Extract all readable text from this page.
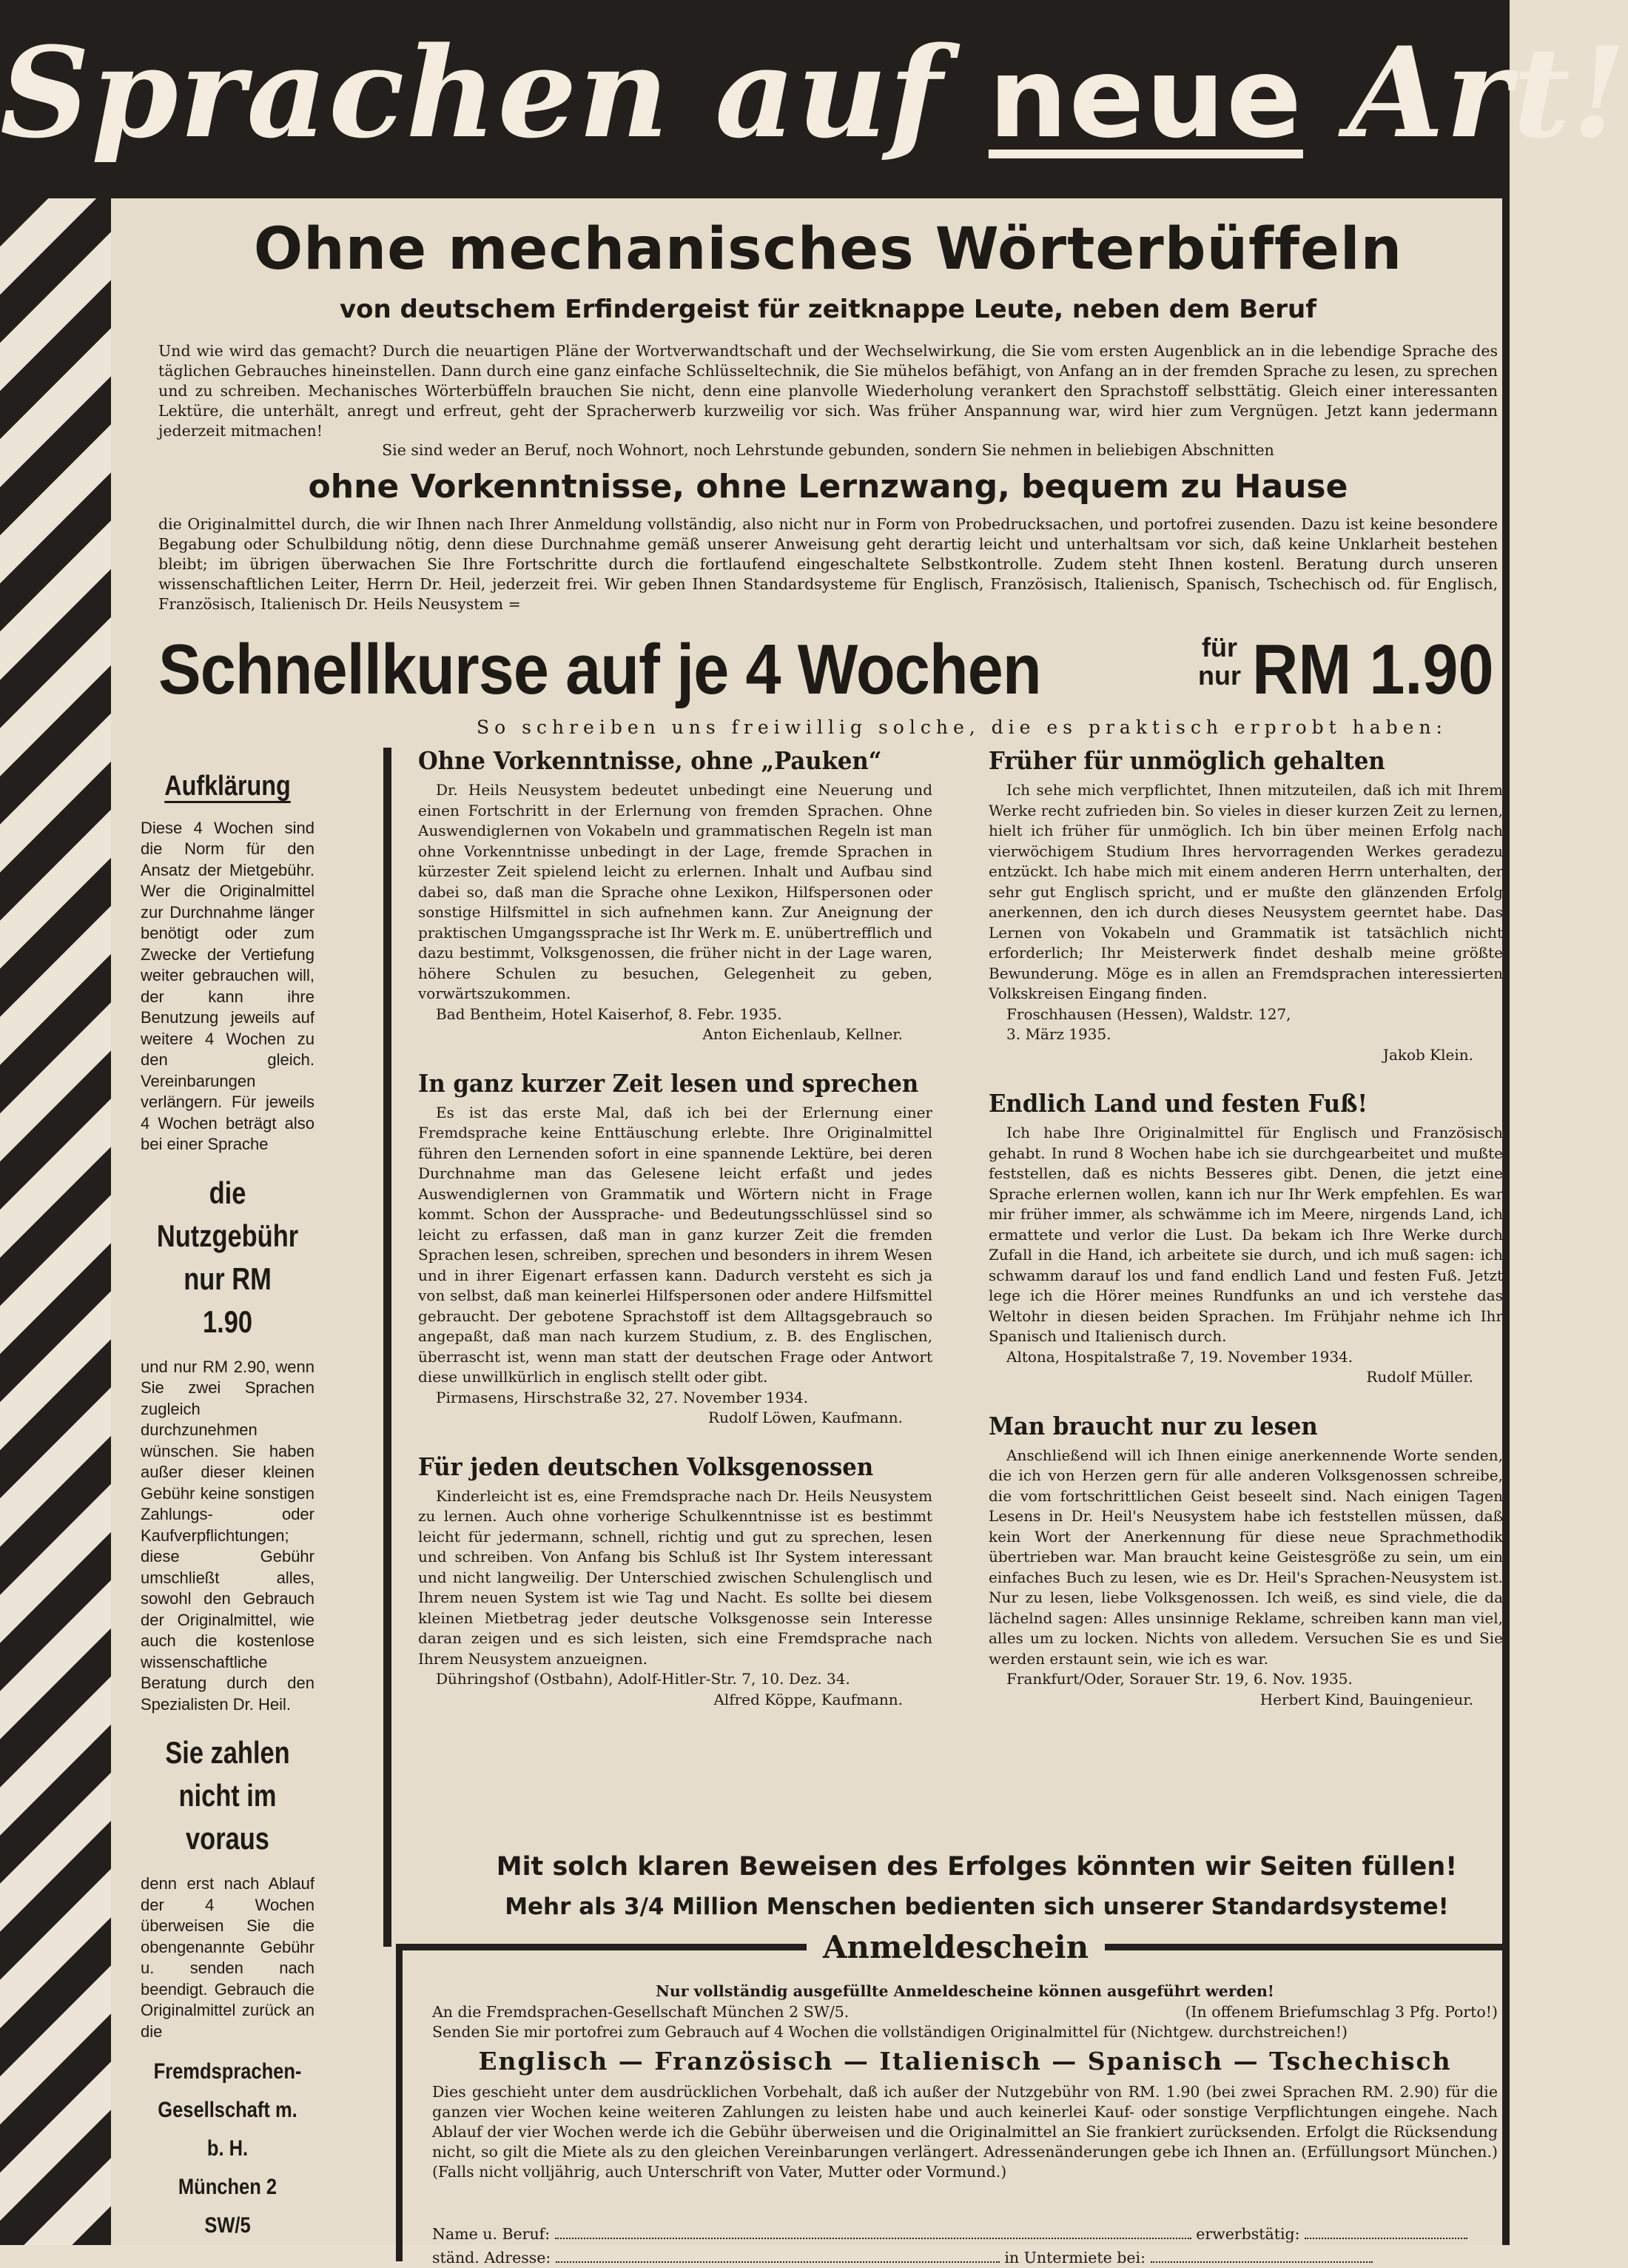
Sprachen auf neue Art!
Ohne mechanisches Wörterbüffeln
von deutschem Erfindergeist für zeitknappe Leute, neben dem Beruf
Und wie wird das gemacht? Durch die neuartigen Pläne der Wortverwandtschaft und der Wechselwirkung, die Sie vom ersten Augenblick an in die lebendige Sprache des täglichen Gebrauches hineinstellen. Dann durch eine ganz einfache Schlüsseltechnik, die Sie mühelos befähigt, von Anfang an in der fremden Sprache zu lesen, zu sprechen und zu schreiben. Mechanisches Wörterbüffeln brauchen Sie nicht, denn eine planvolle Wiederholung verankert den Sprachstoff selbsttätig. Gleich einer interessanten Lektüre, die unterhält, anregt und erfreut, geht der Spracherwerb kurzweilig vor sich. Was früher Anspannung war, wird hier zum Vergnügen. Jetzt kann jedermann jederzeit mitmachen!
Sie sind weder an Beruf, noch Wohnort, noch Lehrstunde gebunden, sondern Sie nehmen in beliebigen Abschnitten
ohne Vorkenntnisse, ohne Lernzwang, bequem zu Hause
die Originalmittel durch, die wir Ihnen nach Ihrer Anmeldung vollständig, also nicht nur in Form von Probedrucksachen, und portofrei zusenden. Dazu ist keine besondere Begabung oder Schulbildung nötig, denn diese Durchnahme gemäß unserer Anweisung geht derartig leicht und unterhaltsam vor sich, daß keine Unklarheit bestehen bleibt; im übrigen überwachen Sie Ihre Fortschritte durch die fortlaufend eingeschaltete Selbstkontrolle. Zudem steht Ihnen kostenl. Beratung durch unseren wissenschaftlichen Leiter, Herrn Dr. Heil, jederzeit frei. Wir geben Ihnen Standardsysteme für Englisch, Französisch, Italienisch, Spanisch, Tschechisch od. für Englisch, Französisch, Italienisch Dr. Heils Neusystem =
Schnellkurse auf je 4 Wochen	für
nur RM 1.90
Aufklärung

Diese 4 Wochen sind die Norm für den Ansatz der Mietgebühr. Wer die Originalmittel zur Durchnahme länger benötigt oder zum Zwecke der Vertiefung weiter gebrauchen will, der kann ihre Benutzung jeweils auf weitere 4 Wochen zu den gleich. Vereinbarungen verlängern. Für jeweils 4 Wochen beträgt also bei einer Sprache

die Nutzgebühr
nur RM 1.90

und nur RM 2.90, wenn Sie zwei Sprachen zugleich durchzunehmen wünschen. Sie haben außer dieser kleinen Gebühr keine sonstigen Zahlungs- oder Kaufverpflichtungen; diese Gebühr umschließt alles, sowohl den Gebrauch der Originalmittel, wie auch die kostenlose wissenschaftliche Beratung durch den Spezialisten Dr. Heil.

Sie zahlen
nicht im voraus

denn erst nach Ablauf der 4 Wochen überweisen Sie die obengenannte Gebühr u. senden nach beendigt. Gebrauch die Originalmittel zurück an die

Fremdsprachen-
Gesellschaft m. b. H.
München 2 SW/5
So schreiben uns freiwillig solche, die es praktisch erprobt haben:
Ohne Vorkenntnisse, ohne „Pauken“

Dr. Heils Neusystem bedeutet unbedingt eine Neuerung und einen Fortschritt in der Erlernung von fremden Sprachen. Ohne Auswendiglernen von Vokabeln und grammatischen Regeln ist man ohne Vorkenntnisse unbedingt in der Lage, fremde Sprachen in kürzester Zeit spielend leicht zu erlernen. Inhalt und Aufbau sind dabei so, daß man die Sprache ohne Lexikon, Hilfspersonen oder sonstige Hilfsmittel in sich aufnehmen kann. Zur Aneignung der praktischen Umgangssprache ist Ihr Werk m. E. unübertrefflich und dazu bestimmt, Volksgenossen, die früher nicht in der Lage waren, höhere Schulen zu besuchen, Gelegenheit zu geben, vorwärtszukommen.

Bad Bentheim, Hotel Kaiserhof, 8. Febr. 1935.

Anton Eichenlaub, Kellner.

In ganz kurzer Zeit lesen und sprechen

Es ist das erste Mal, daß ich bei der Erlernung einer Fremdsprache keine Enttäuschung erlebte. Ihre Originalmittel führen den Lernenden sofort in eine spannende Lektüre, bei deren Durchnahme man das Gelesene leicht erfaßt und jedes Auswendiglernen von Grammatik und Wörtern nicht in Frage kommt. Schon der Aussprache- und Bedeutungsschlüssel sind so leicht zu erfassen, daß man in ganz kurzer Zeit die fremden Sprachen lesen, schreiben, sprechen und besonders in ihrem Wesen und in ihrer Eigenart erfassen kann. Dadurch versteht es sich ja von selbst, daß man keinerlei Hilfspersonen oder andere Hilfsmittel gebraucht. Der gebotene Sprachstoff ist dem Alltagsgebrauch so angepaßt, daß man nach kurzem Studium, z. B. des Englischen, überrascht ist, wenn man statt der deutschen Frage oder Antwort diese unwillkürlich in englisch stellt oder gibt.

Pirmasens, Hirschstraße 32, 27. November 1934.

Rudolf Löwen, Kaufmann.

Für jeden deutschen Volksgenossen

Kinderleicht ist es, eine Fremdsprache nach Dr. Heils Neusystem zu lernen. Auch ohne vorherige Schulkenntnisse ist es bestimmt leicht für jedermann, schnell, richtig und gut zu sprechen, lesen und schreiben. Von Anfang bis Schluß ist Ihr System interessant und nicht langweilig. Der Unterschied zwischen Schulenglisch und Ihrem neuen System ist wie Tag und Nacht. Es sollte bei diesem kleinen Mietbetrag jeder deutsche Volksgenosse sein Interesse daran zeigen und es sich leisten, sich eine Fremdsprache nach Ihrem Neusystem anzueignen.

Dühringshof (Ostbahn), Adolf-Hitler-Str. 7, 10. Dez. 34.

Alfred Köppe, Kaufmann.

Früher für unmöglich gehalten

Ich sehe mich verpflichtet, Ihnen mitzuteilen, daß ich mit Ihrem Werke recht zufrieden bin. So vieles in dieser kurzen Zeit zu lernen, hielt ich früher für unmöglich. Ich bin über meinen Erfolg nach vierwöchigem Studium Ihres hervorragenden Werkes geradezu entzückt. Ich habe mich mit einem anderen Herrn unterhalten, der sehr gut Englisch spricht, und er mußte den glänzenden Erfolg anerkennen, den ich durch dieses Neusystem geerntet habe. Das Lernen von Vokabeln und Grammatik ist tatsächlich nicht erforderlich; Ihr Meisterwerk findet deshalb meine größte Bewunderung. Möge es in allen an Fremdsprachen interessierten Volkskreisen Eingang finden.

Froschhausen (Hessen), Waldstr. 127,

3. März 1935.

Jakob Klein.

Endlich Land und festen Fuß!

Ich habe Ihre Originalmittel für Englisch und Französisch gehabt. In rund 8 Wochen habe ich sie durchgearbeitet und mußte feststellen, daß es nichts Besseres gibt. Denen, die jetzt eine Sprache erlernen wollen, kann ich nur Ihr Werk empfehlen. Es war mir früher immer, als schwämme ich im Meere, nirgends Land, ich ermattete und verlor die Lust. Da bekam ich Ihre Werke durch Zufall in die Hand, ich arbeitete sie durch, und ich muß sagen: ich schwamm darauf los und fand endlich Land und festen Fuß. Jetzt lege ich die Hörer meines Rundfunks an und ich verstehe das Weltohr in diesen beiden Sprachen. Im Frühjahr nehme ich Ihr Spanisch und Italienisch durch.

Altona, Hospitalstraße 7, 19. November 1934.

Rudolf Müller.

Man braucht nur zu lesen

Anschließend will ich Ihnen einige anerkennende Worte senden, die ich von Herzen gern für alle anderen Volksgenossen schreibe, die vom fortschrittlichen Geist beseelt sind. Nach einigen Tagen Lesens in Dr. Heil's Neusystem habe ich feststellen müssen, daß kein Wort der Anerkennung für diese neue Sprachmethodik übertrieben war. Man braucht keine Geistesgröße zu sein, um ein einfaches Buch zu lesen, wie es Dr. Heil's Sprachen-Neusystem ist. Nur zu lesen, liebe Volksgenossen. Ich weiß, es sind viele, die da lächelnd sagen: Alles unsinnige Reklame, schreiben kann man viel, alles um zu locken. Nichts von alledem. Versuchen Sie es und Sie werden erstaunt sein, wie ich es war.

Frankfurt/Oder, Sorauer Str. 19, 6. Nov. 1935.

Herbert Kind, Bauingenieur.

Mit solch klaren Beweisen des Erfolges könnten wir Seiten füllen!
Mehr als 3/4 Million Menschen bedienten sich unserer Standardsysteme!
Anmeldeschein
Nur vollständig ausgefüllte Anmeldescheine können ausgeführt werden!
An die Fremdsprachen-Gesellschaft München 2 SW/5.	(In offenem Briefumschlag 3 Pfg. Porto!)
Senden Sie mir portofrei zum Gebrauch auf 4 Wochen die vollständigen Originalmittel für (Nichtgew. durchstreichen!)
Englisch — Französisch — Italienisch — Spanisch — Tschechisch
Dies geschieht unter dem ausdrücklichen Vorbehalt, daß ich außer der Nutzgebühr von RM. 1.90 (bei zwei Sprachen RM. 2.90) für die ganzen vier Wochen keine weiteren Zahlungen zu leisten habe und auch keinerlei Kauf- oder sonstige Verpflichtungen eingehe. Nach Ablauf der vier Wochen werde ich die Gebühr überweisen und die Originalmittel an Sie frankiert zurücksenden. Erfolgt die Rücksendung nicht, so gilt die Miete als zu den gleichen Vereinbarungen verlängert. Adressenänderungen gebe ich Ihnen an. (Erfüllungsort München.) (Falls nicht volljährig, auch Unterschrift von Vater, Mutter oder Vormund.)
Name u. Beruf:	erwerbstätig:
ständ. Adresse:	in Untermiete bei:
